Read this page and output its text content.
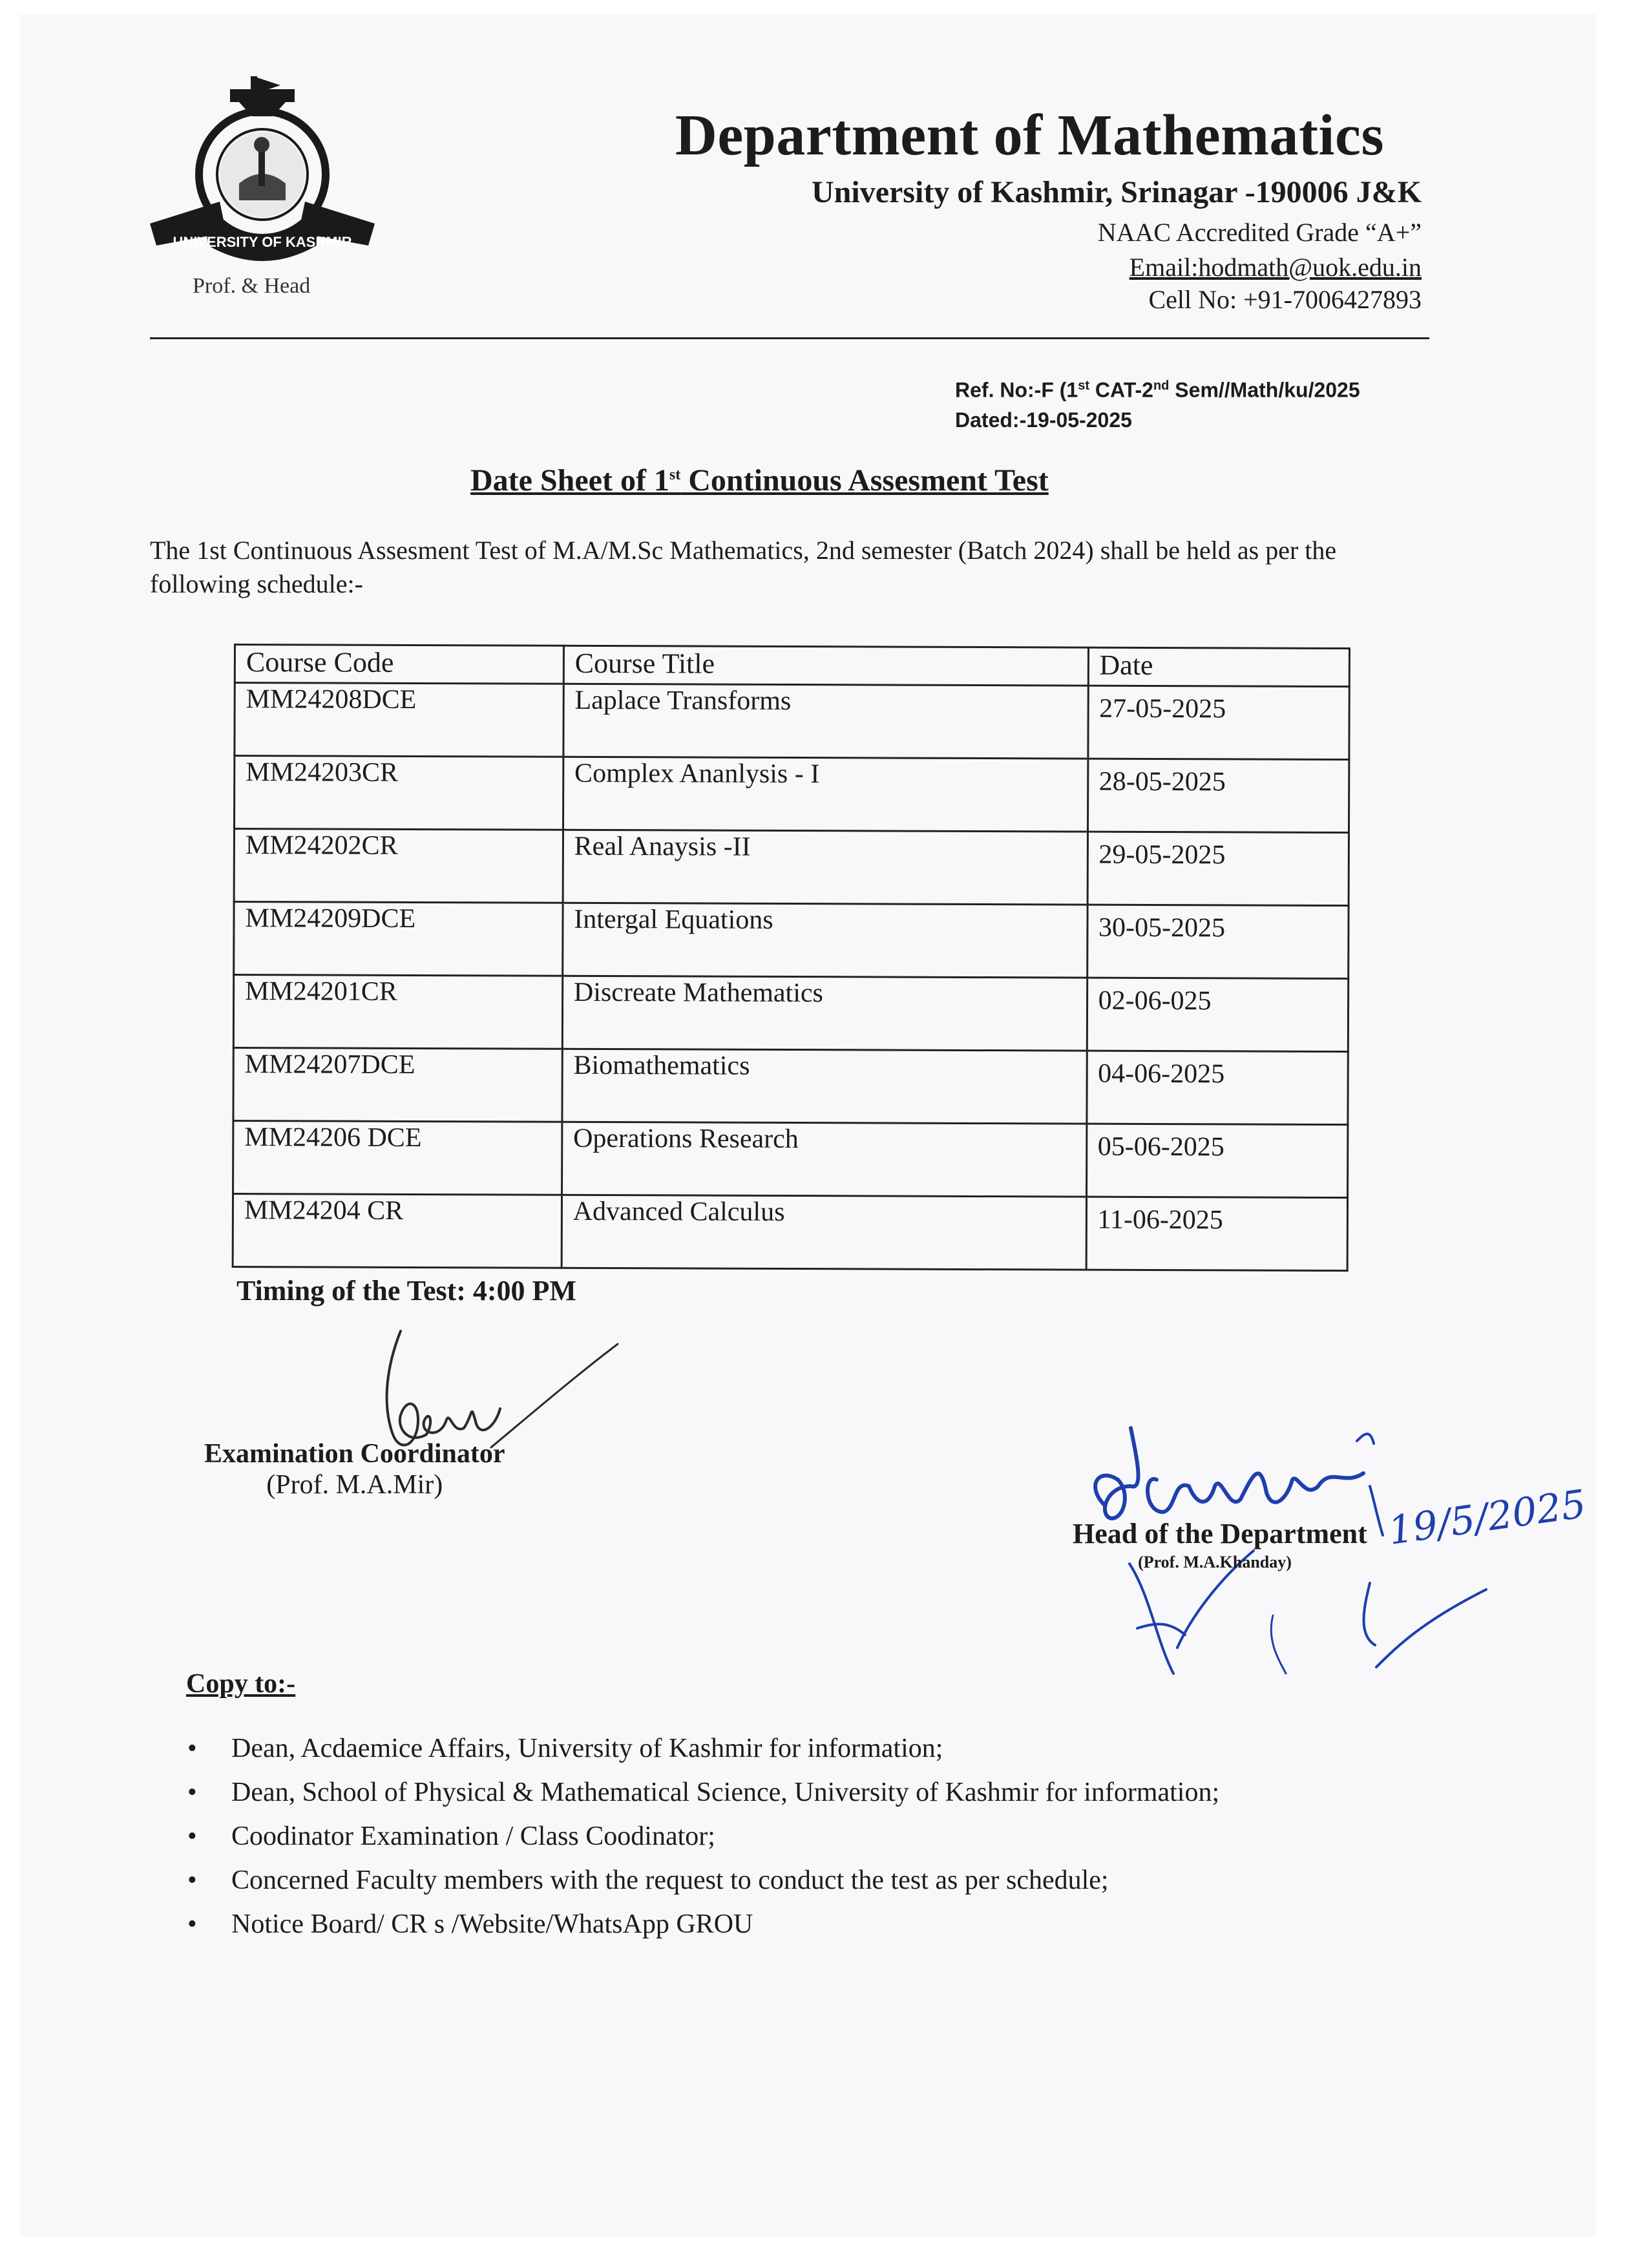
UNIVERSITY OF KASHMIR
Prof. & Head
Department of Mathematics
University of Kashmir, Srinagar -190006 J&K
NAAC Accredited Grade “A+”
Email:hodmath@uok.edu.in
Cell No: +91-7006427893
Ref. No:-F (1st CAT-2nd Sem//Math/ku/2025
Dated:-19-05-2025
Date Sheet of 1st Continuous Assesment Test
The 1st Continuous Assesment Test of M.A/M.Sc Mathematics, 2nd semester (Batch 2024) shall be held as per the following schedule:-
Course Code	Course Title	Date
MM24208DCE	Laplace Transforms	27-05-2025
MM24203CR	Complex Ananlysis - I	28-05-2025
MM24202CR	Real Anaysis -II	29-05-2025
MM24209DCE	Intergal Equations	30-05-2025
MM24201CR	Discreate Mathematics	02-06-025
MM24207DCE	Biomathematics	04-06-2025
MM24206 DCE	Operations Research	05-06-2025
MM24204 CR	Advanced Calculus	11-06-2025
Timing of the Test: 4:00 PM
Examination Coordinator
(Prof. M.A.Mir)	19/5/2025
Head of the Department
(Prof. M.A.Khanday)
Copy to:-
• Dean, Acdaemice Affairs, University of Kashmir for information;
• Dean, School of Physical & Mathematical Science, University of Kashmir for information;
• Coodinator Examination / Class Coodinator;
• Concerned Faculty members with the request to conduct the test as per schedule;
• Notice Board/ CR s /Website/WhatsApp GROU
